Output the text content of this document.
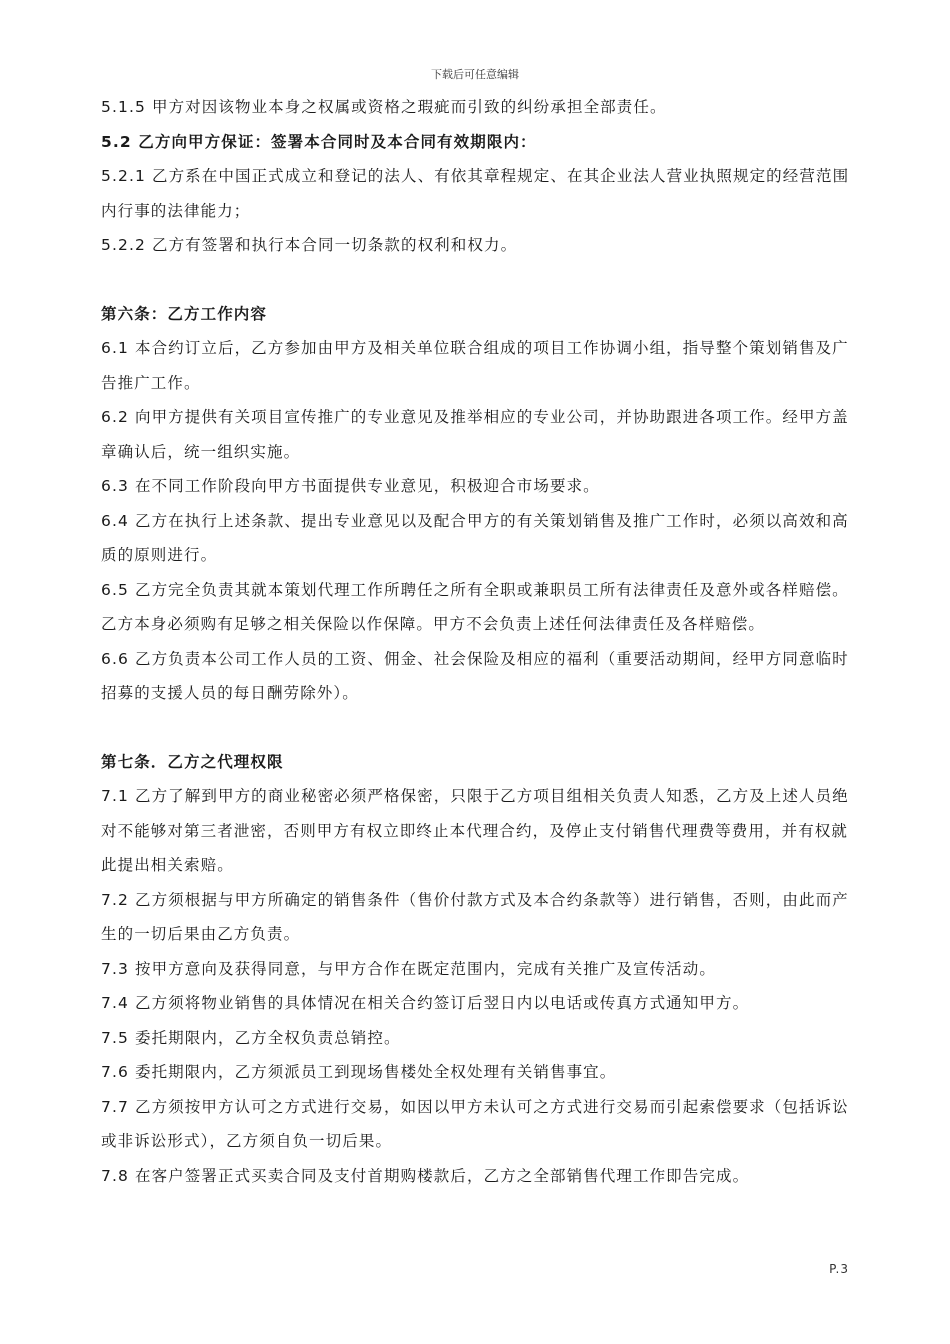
下载后可任意编辑

5.1.5 甲方对因该物业本身之权属或资格之瑕疵而引致的纠纷承担全部责任。

5.2 乙方向甲方保证：签署本合同时及本合同有效期限内：

5.2.1 乙方系在中国正式成立和登记的法人、有依其章程规定、在其企业法人营业执照规定的经营范围内行事的法律能力；

5.2.2 乙方有签署和执行本合同一切条款的权利和权力。

第六条：乙方工作内容

6.1 本合约订立后，乙方参加由甲方及相关单位联合组成的项目工作协调小组，指导整个策划销售及广告推广工作。

6.2 向甲方提供有关项目宣传推广的专业意见及推举相应的专业公司，并协助跟进各项工作。经甲方盖章确认后，统一组织实施。

6.3 在不同工作阶段向甲方书面提供专业意见，积极迎合市场要求。

6.4 乙方在执行上述条款、提出专业意见以及配合甲方的有关策划销售及推广工作时，必须以高效和高质的原则进行。

6.5 乙方完全负责其就本策划代理工作所聘任之所有全职或兼职员工所有法律责任及意外或各样赔偿。乙方本身必须购有足够之相关保险以作保障。甲方不会负责上述任何法律责任及各样赔偿。

6.6 乙方负责本公司工作人员的工资、佣金、社会保险及相应的福利（重要活动期间，经甲方同意临时招募的支援人员的每日酬劳除外）。

第七条．乙方之代理权限

7.1 乙方了解到甲方的商业秘密必须严格保密，只限于乙方项目组相关负责人知悉，乙方及上述人员绝对不能够对第三者泄密，否则甲方有权立即终止本代理合约，及停止支付销售代理费等费用，并有权就此提出相关索赔。

7.2 乙方须根据与甲方所确定的销售条件（售价付款方式及本合约条款等）进行销售，否则，由此而产生的一切后果由乙方负责。

7.3 按甲方意向及获得同意，与甲方合作在既定范围内，完成有关推广及宣传活动。

7.4 乙方须将物业销售的具体情况在相关合约签订后翌日内以电话或传真方式通知甲方。

7.5 委托期限内，乙方全权负责总销控。

7.6 委托期限内，乙方须派员工到现场售楼处全权处理有关销售事宜。

7.7 乙方须按甲方认可之方式进行交易，如因以甲方未认可之方式进行交易而引起索偿要求（包括诉讼或非诉讼形式），乙方须自负一切后果。

7.8 在客户签署正式买卖合同及支付首期购楼款后，乙方之全部销售代理工作即告完成。

P.3
